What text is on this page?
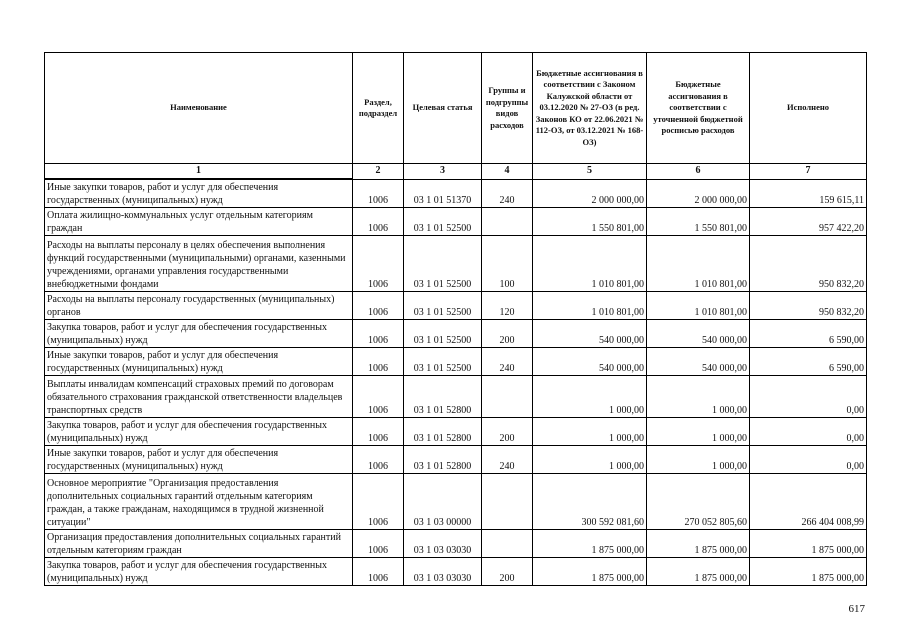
Наименование	Раздел, подраздел	Целевая статья	Группы и подгруппы видов расходов	Бюджетные ассигнования в соответствии с Законом Калужской области от 03.12.2020 № 27-ОЗ (в ред. Законов КО от 22.06.2021 № 112-ОЗ, от 03.12.2021 № 168-ОЗ)	Бюджетные ассигнования в соответствии с уточненной бюджетной росписью расходов	Исполнено
1	2	3	4	5	6	7
Иные закупки товаров, работ и услуг для обеспечения государственных (муниципальных) нужд	1006	03 1 01 51370	240	2 000 000,00	2 000 000,00	159 615,11
Оплата жилищно-коммунальных услуг отдельным категориям граждан	1006	03 1 01 52500		1 550 801,00	1 550 801,00	957 422,20
Расходы на выплаты персоналу в целях обеспечения выполнения функций государственными (муниципальными) органами, казенными учреждениями, органами управления государственными внебюджетными фондами	1006	03 1 01 52500	100	1 010 801,00	1 010 801,00	950 832,20
Расходы на выплаты персоналу государственных (муниципальных) органов	1006	03 1 01 52500	120	1 010 801,00	1 010 801,00	950 832,20
Закупка товаров, работ и услуг для обеспечения государственных (муниципальных) нужд	1006	03 1 01 52500	200	540 000,00	540 000,00	6 590,00
Иные закупки товаров, работ и услуг для обеспечения государственных (муниципальных) нужд	1006	03 1 01 52500	240	540 000,00	540 000,00	6 590,00
Выплаты инвалидам компенсаций страховых премий по договорам обязательного страхования гражданской ответственности владельцев транспортных средств	1006	03 1 01 52800		1 000,00	1 000,00	0,00
Закупка товаров, работ и услуг для обеспечения государственных (муниципальных) нужд	1006	03 1 01 52800	200	1 000,00	1 000,00	0,00
Иные закупки товаров, работ и услуг для обеспечения государственных (муниципальных) нужд	1006	03 1 01 52800	240	1 000,00	1 000,00	0,00
Основное мероприятие "Организация предоставления дополнительных социальных гарантий отдельным категориям граждан, а также гражданам, находящимся в трудной жизненной ситуации"	1006	03 1 03 00000		300 592 081,60	270 052 805,60	266 404 008,99
Организация предоставления дополнительных социальных гарантий отдельным категориям граждан	1006	03 1 03 03030		1 875 000,00	1 875 000,00	1 875 000,00
Закупка товаров, работ и услуг для обеспечения государственных (муниципальных) нужд	1006	03 1 03 03030	200	1 875 000,00	1 875 000,00	1 875 000,00
617
